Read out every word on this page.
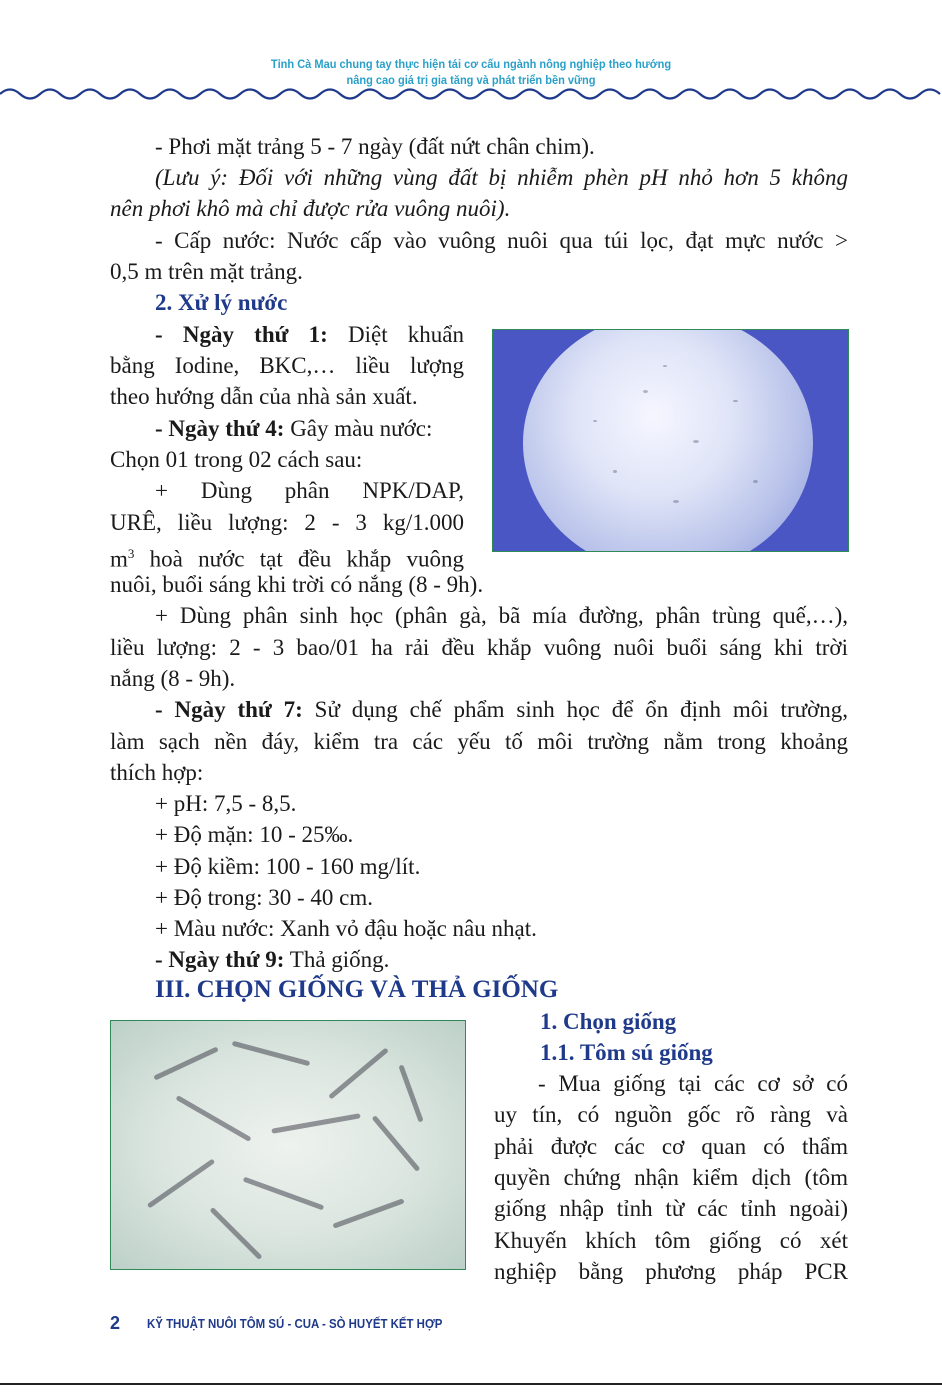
Tỉnh Cà Mau chung tay thực hiện tái cơ cấu ngành nông nghiệp theo hướng
nâng cao giá trị gia tăng và phát triển bền vững
- Phơi mặt trảng 5 - 7 ngày (đất nứt chân chim).
(Lưu ý: Đối với những vùng đất bị nhiễm phèn pH nhỏ hơn 5 không
nên phơi khô mà chỉ được rửa vuông nuôi).
- Cấp nước: Nước cấp vào vuông nuôi qua túi lọc, đạt mực nước >
0,5 m trên mặt trảng.
2. Xử lý nước
- Ngày thứ 1: Diệt khuẩn
bằng Iodine, BKC,… liều lượng
theo hướng dẫn của nhà sản xuất.
- Ngày thứ 4: Gây màu nước:
Chọn 01 trong 02 cách sau:
+ Dùng phân NPK/DAP,
URÊ, liều lượng: 2 - 3 kg/1.000
$m^3$ hoà nước tạt đều khắp vuông
nuôi, buổi sáng khi trời có nắng (8 - 9h).
+ Dùng phân sinh học (phân gà, bã mía đường, phân trùng quế,…),
liều lượng: 2 - 3 bao/01 ha rải đều khắp vuông nuôi buổi sáng khi trời
nắng (8 - 9h).
- Ngày thứ 7: Sử dụng chế phẩm sinh học để ổn định môi trường,
làm sạch nền đáy, kiểm tra các yếu tố môi trường nằm trong khoảng
thích hợp:
+ pH: 7,5 - 8,5.
+ Độ mặn: 10 - 25‰.
+ Độ kiềm: 100 - 160 mg/lít.
+ Độ trong: 30 - 40 cm.
+ Màu nước: Xanh vỏ đậu hoặc nâu nhạt.
- Ngày thứ 9: Thả giống.
III. CHỌN GIỐNG VÀ THẢ GIỐNG
1. Chọn giống
1.1. Tôm sú giống
- Mua giống tại các cơ sở có
uy tín, có nguồn gốc rõ ràng và
phải được các cơ quan có thẩm
quyền chứng nhận kiểm dịch (tôm
giống nhập tỉnh từ các tỉnh ngoài)
Khuyến khích tôm giống có xét
nghiệp bằng phương pháp PCR
2 KỸ THUẬT NUÔI TÔM SÚ - CUA - SÒ HUYẾT KẾT HỢP
